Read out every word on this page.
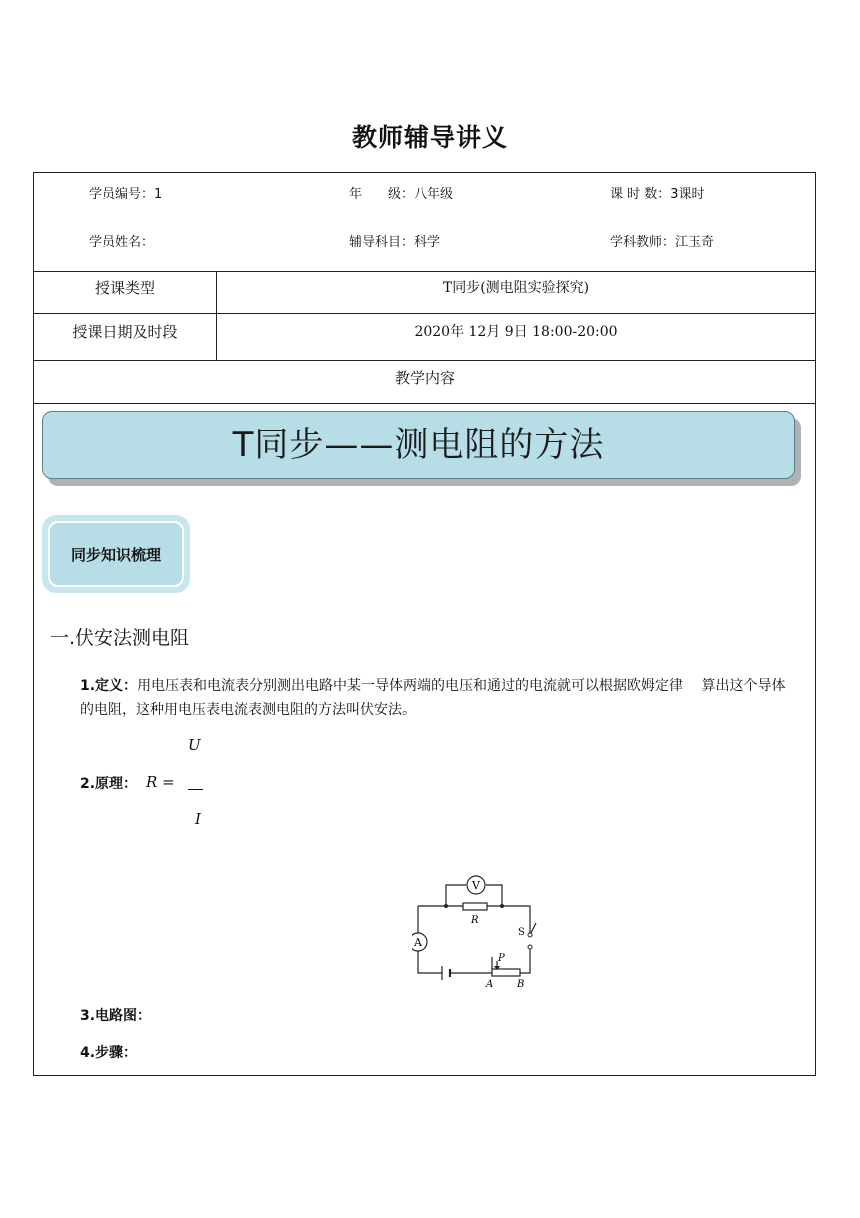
教师辅导讲义
学员编号：1	年　　级：八年级	课 时 数：3课时
学员姓名：	辅导科目：科学	学科教师：江玉奇
授课类型	T同步(测电阻实验探究)
授课日期及时段	2020年 12月 9日 18:00-20:00
教学内容
T同步——测电阻的方法
同步知识梳理
一.伏安法测电阻
1.定义：用电压表和电流表分别测出电路中某一导体两端的电压和通过的电流就可以根据欧姆定律　 算出这个导体的电阻，这种用电压表电流表测电阻的方法叫伏安法。
U
2.原理： R =
I
V
R
A
S
P
A B
3.电路图：
4.步骤：
